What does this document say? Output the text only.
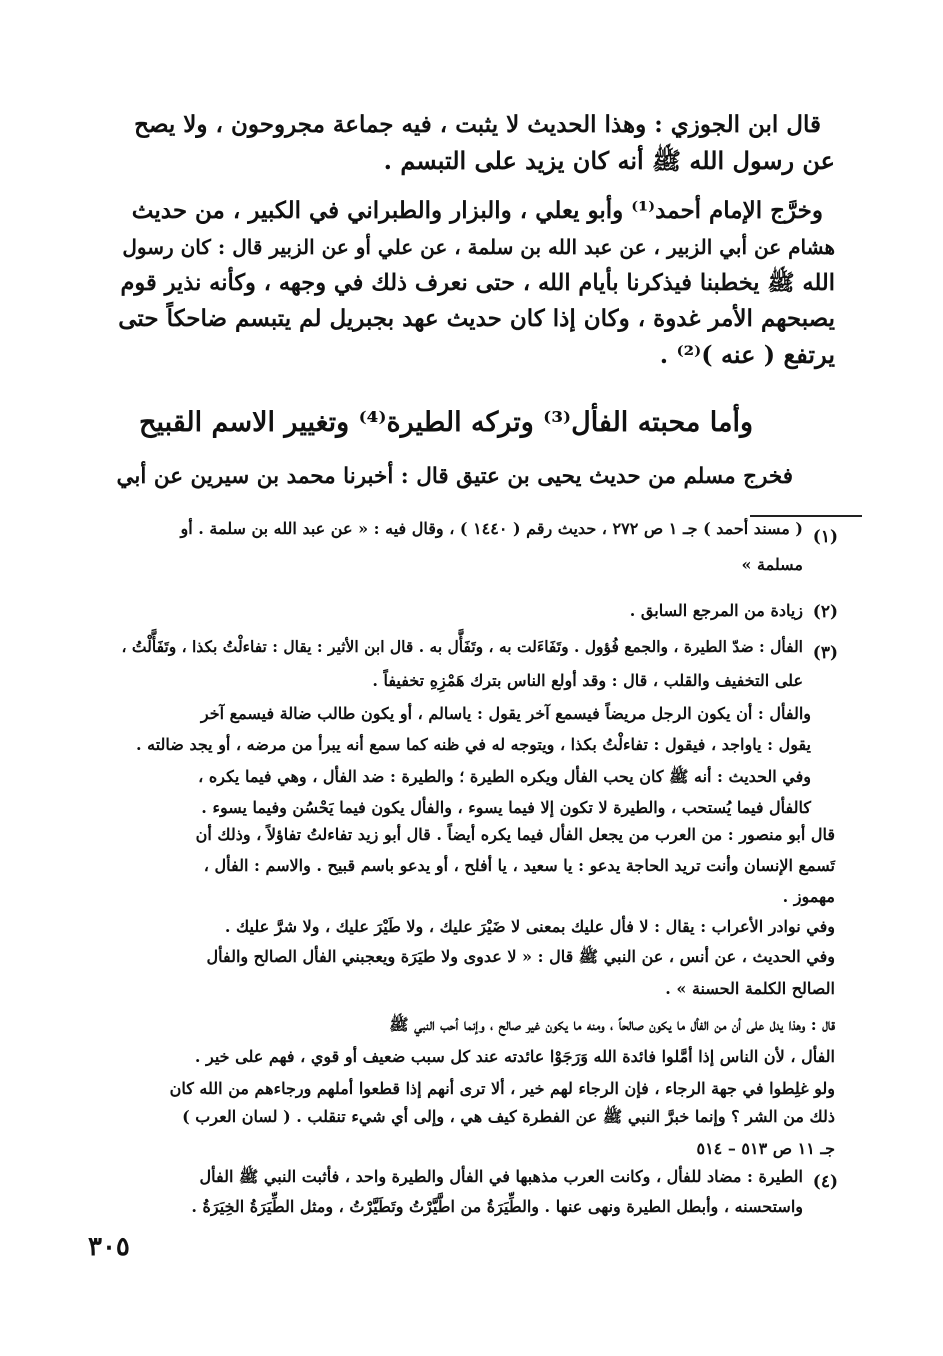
قال ابن الجوزي : وهذا الحديث لا يثبت ، فيه جماعة مجروحون ، ولا يصح
عن رسول الله ﷺ أنه كان يزيد على التبسم .
وخرَّج الإمام أحمد⁽¹⁾ وأبو يعلي ، والبزار والطبراني في الكبير ، من حديث
هشام عن أبي الزبير ، عن عبد الله بن سلمة ، عن علي أو عن الزبير قال : كان رسول
الله ﷺ يخطبنا فيذكرنا بأيام الله ، حتى نعرف ذلك في وجهه ، وكأنه نذير قوم
يصبحهم الأمر غدوة ، وكان إذا كان حديث عهد بجبريل لم يتبسم ضاحكاً حتى
يرتفع ( عنه )⁽²⁾ .
وأما محبته الفأل⁽³⁾ وتركه الطيرة⁽⁴⁾ وتغيير الاسم القبيح
فخرج مسلم من حديث يحيى بن عتيق قال : أخبرنا محمد بن سيرين عن أبي
(١)
( مسند أحمد ) جـ ١ ص ٢٧٢ ، حديث رقم ( ١٤٤٠ ) ، وقال فيه : « عن عبد الله بن سلمة . أو
مسلمة »
(٢)
زيادة من المرجع السابق .
(٣)
الفأل : ضدّ الطيرة ، والجمع فُؤول . وتَفَاءَلت به ، وتَفَأَّل به . قال ابن الأثير : يقال : تفاءلْتُ بكذا ، وتَفَأَّلْتُ ،
على التخفيف والقلب ، قال : وقد أولع الناس بترك هَمْزِهِ تخفيفاً .
والفأل : أن يكون الرجل مريضاً فيسمع آخر يقول : ياسالم ، أو يكون طالب ضالة فيسمع آخر
يقول : ياواجد ، فيقول : تفاءلْتُ بكذا ، ويتوجه له في ظنه كما سمع أنه يبرأ من مرضه ، أو يجد ضالته .
وفي الحديث : أنه ﷺ كان يحب الفأل ويكره الطيرة ؛ والطيرة : ضد الفأل ، وهي فيما يكره ،
كالفأل فيما يُستحب ، والطيرة لا تكون إلا فيما يسوء ، والفأل يكون فيما يَحْسُن وفيما يسوء .
قال أبو منصور : من العرب من يجعل الفأل فيما يكره أيضاً . قال أبو زيد تفاءلتُ تفاؤلاً ، وذلك أن
تَسمع الإنسان وأنت تريد الحاجة يدعو : يا سعيد ، يا أفلح ، أو يدعو باسم قبيح . والاسم : الفأل ،
مهموز .
وفي نوادر الأعراب : يقال : لا فأل عليك بمعنى لا ضَيْرَ عليك ، ولا طَيْرَ عليك ، ولا شرَّ عليك .
وفي الحديث ، عن أنس ، عن النبي ﷺ قال : « لا عدوى ولا طيَرَة ويعجبني الفأل الصالح والفأل
الصالح الكلمة الحسنة » .
قال : وهذا يدل على أن من الفأل ما يكون صالحاً ، ومنه ما يكون غير صالح ، وإنما أحب النبي ﷺ
الفأل ، لأن الناس إذا أمَّلوا فائدة الله وَرَجَوْا عائدته عند كل سبب ضعيف أو قوي ، فهم على خير .
ولو غلِطوا في جهة الرجاء ، فإن الرجاء لهم خير ، ألا ترى أنهم إذا قطعوا أملهم ورجاءهم من الله كان
ذلك من الشر ؟ وإنما خبرَّ النبي ﷺ عن الفطرة كيف هي ، وإلى أي شيء تنقلب . ( لسان العرب )
جـ ١١ ص ٥١٣ – ٥١٤
(٤)
الطيرة : مضاد للفأل ، وكانت العرب مذهبها في الفأل والطيرة واحد ، فأثبت النبي ﷺ الفأل
واستحسنه ، وأبطل الطيرة ونهى عنها . والطِّيَرَةُ من اطَّيَّرْتُ وتَطَيَّرْتُ ، ومثل الطِّيَرَةُ الخِيَرَةُ .
٣٠٥
